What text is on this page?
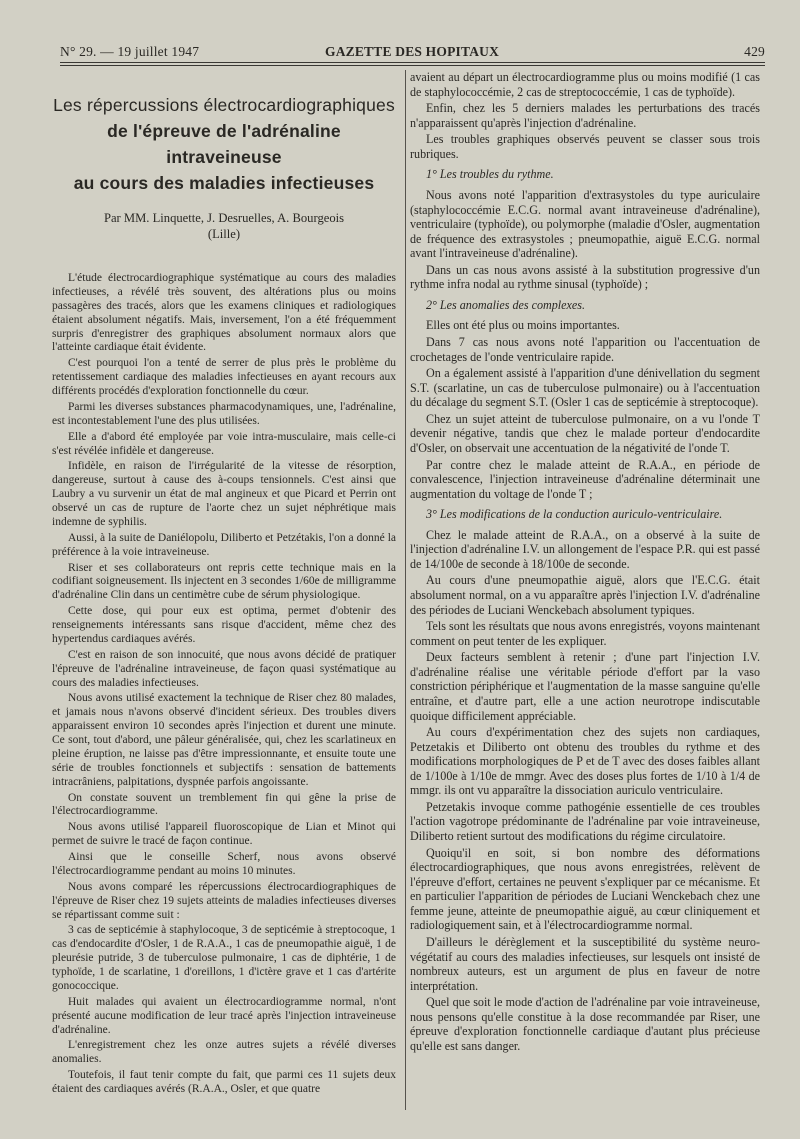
N° 29. — 19 juillet 1947	GAZETTE DES HOPITAUX	429
Les répercussions électrocardiographiques
de l'épreuve de l'adrénaline intraveineuse
au cours des maladies infectieuses
Par MM. Linquette, J. Desruelles, A. Bourgeois
(Lille)

L'étude électrocardiographique systématique au cours des maladies infectieuses, a révélé très souvent, des altérations plus ou moins passagères des tracés, alors que les examens cliniques et radiologiques étaient absolument négatifs. Mais, inversement, l'on a été fréquemment surpris d'enregistrer des graphiques absolument normaux alors que l'atteinte cardiaque était évidente.

C'est pourquoi l'on a tenté de serrer de plus près le problème du retentissement cardiaque des maladies infectieuses en ayant recours aux différents procédés d'exploration fonctionnelle du cœur.

Parmi les diverses substances pharmacodynamiques, une, l'adrénaline, est incontestablement l'une des plus utilisées.

Elle a d'abord été employée par voie intra-musculaire, mais celle-ci s'est révélée infidèle et dangereuse.

Infidèle, en raison de l'irrégularité de la vitesse de résorption, dangereuse, surtout à cause des à-coups tensionnels. C'est ainsi que Laubry a vu survenir un état de mal angineux et que Picard et Perrin ont observé un cas de rupture de l'aorte chez un sujet néphrétique mais indemne de syphilis.

Aussi, à la suite de Daniélopolu, Diliberto et Petzétakis, l'on a donné la préférence à la voie intraveineuse.

Riser et ses collaborateurs ont repris cette technique mais en la codifiant soigneusement. Ils injectent en 3 secondes 1/60e de milligramme d'adrénaline Clin dans un centimètre cube de sérum physiologique.

Cette dose, qui pour eux est optima, permet d'obtenir des renseignements intéressants sans risque d'accident, même chez des hypertendus cardiaques avérés.

C'est en raison de son innocuité, que nous avons décidé de pratiquer l'épreuve de l'adrénaline intraveineuse, de façon quasi systématique au cours des maladies infectieuses.

Nous avons utilisé exactement la technique de Riser chez 80 malades, et jamais nous n'avons observé d'incident sérieux. Des troubles divers apparaissent environ 10 secondes après l'injection et durent une minute. Ce sont, tout d'abord, une pâleur généralisée, qui, chez les scarlatineux en pleine éruption, ne laisse pas d'être impressionnante, et ensuite toute une série de troubles fonctionnels et subjectifs : sensation de battements intracrâniens, palpitations, dyspnée parfois angoissante.

On constate souvent un tremblement fin qui gêne la prise de l'électrocardiogramme.

Nous avons utilisé l'appareil fluoroscopique de Lian et Minot qui permet de suivre le tracé de façon continue.

Ainsi que le conseille Scherf, nous avons observé l'électrocardiogramme pendant au moins 10 minutes.

Nous avons comparé les répercussions électrocardiographiques de l'épreuve de Riser chez 19 sujets atteints de maladies infectieuses diverses se répartissant comme suit :

3 cas de septicémie à staphylocoque, 3 de septicémie à streptocoque, 1 cas d'endocardite d'Osler, 1 de R.A.A., 1 cas de pneumopathie aiguë, 1 de pleurésie putride, 3 de tuberculose pulmonaire, 1 cas de diphtérie, 1 de typhoïde, 1 de scarlatine, 1 d'oreillons, 1 d'ictère grave et 1 cas d'artérite gonococcique.

Huit malades qui avaient un électrocardiogramme normal, n'ont présenté aucune modification de leur tracé après l'injection intraveineuse d'adrénaline.

L'enregistrement chez les onze autres sujets a révélé diverses anomalies.

Toutefois, il faut tenir compte du fait, que parmi ces 11 sujets deux étaient des cardiaques avérés (R.A.A., Osler, et que quatre

avaient au départ un électrocardiogramme plus ou moins modifié (1 cas de staphylococcémie, 2 cas de streptococcémie, 1 cas de typhoïde).

Enfin, chez les 5 derniers malades les perturbations des tracés n'apparaissent qu'après l'injection d'adrénaline.

Les troubles graphiques observés peuvent se classer sous trois rubriques.

1° Les troubles du rythme.

Nous avons noté l'apparition d'extrasystoles du type auriculaire (staphylococcémie E.C.G. normal avant intraveineuse d'adrénaline), ventriculaire (typhoïde), ou polymorphe (maladie d'Osler, augmentation de fréquence des extrasystoles ; pneumopathie, aiguë E.C.G. normal avant l'intraveineuse d'adrénaline).

Dans un cas nous avons assisté à la substitution progressive d'un rythme infra nodal au rythme sinusal (typhoïde) ;

2° Les anomalies des complexes.

Elles ont été plus ou moins importantes.

Dans 7 cas nous avons noté l'apparition ou l'accentuation de crochetages de l'onde ventriculaire rapide.

On a également assisté à l'apparition d'une dénivellation du segment S.T. (scarlatine, un cas de tuberculose pulmonaire) ou à l'accentuation du décalage du segment S.T. (Osler 1 cas de septicémie à streptocoque).

Chez un sujet atteint de tuberculose pulmonaire, on a vu l'onde T devenir négative, tandis que chez le malade porteur d'endocardite d'Osler, on observait une accentuation de la négativité de l'onde T.

Par contre chez le malade atteint de R.A.A., en période de convalescence, l'injection intraveineuse d'adrénaline déterminait une augmentation du voltage de l'onde T ;

3° Les modifications de la conduction auriculo-ventriculaire.

Chez le malade atteint de R.A.A., on a observé à la suite de l'injection d'adrénaline I.V. un allongement de l'espace P.R. qui est passé de 14/100e de seconde à 18/100e de seconde.

Au cours d'une pneumopathie aiguë, alors que l'E.C.G. était absolument normal, on a vu apparaître après l'injection I.V. d'adrénaline des périodes de Luciani Wenckebach absolument typiques.

Tels sont les résultats que nous avons enregistrés, voyons maintenant comment on peut tenter de les expliquer.

Deux facteurs semblent à retenir ; d'une part l'injection I.V. d'adrénaline réalise une véritable période d'effort par la vaso constriction périphérique et l'augmentation de la masse sanguine qu'elle entraîne, et d'autre part, elle a une action neurotrope indiscutable quoique difficilement appréciable.

Au cours d'expérimentation chez des sujets non cardiaques, Petzetakis et Diliberto ont obtenu des troubles du rythme et des modifications morphologiques de P et de T avec des doses faibles allant de 1/100e à 1/10e de mmgr. Avec des doses plus fortes de 1/10 à 1/4 de mmgr. ils ont vu apparaître la dissociation auriculo ventriculaire.

Petzetakis invoque comme pathogénie essentielle de ces troubles l'action vagotrope prédominante de l'adrénaline par voie intraveineuse, Diliberto retient surtout des modifications du régime circulatoire.

Quoiqu'il en soit, si bon nombre des déformations électrocardiographiques, que nous avons enregistrées, relèvent de l'épreuve d'effort, certaines ne peuvent s'expliquer par ce mécanisme. Et en particulier l'apparition de périodes de Luciani Wenckebach chez une femme jeune, atteinte de pneumopathie aiguë, au cœur cliniquement et radiologiquement sain, et à l'électrocardiogramme normal.

D'ailleurs le dérèglement et la susceptibilité du système neuro-végétatif au cours des maladies infectieuses, sur lesquels ont insisté de nombreux auteurs, est un argument de plus en faveur de notre interprétation.

Quel que soit le mode d'action de l'adrénaline par voie intraveineuse, nous pensons qu'elle constitue à la dose recommandée par Riser, une épreuve d'exploration fonctionnelle cardiaque d'autant plus précieuse qu'elle est sans danger.
